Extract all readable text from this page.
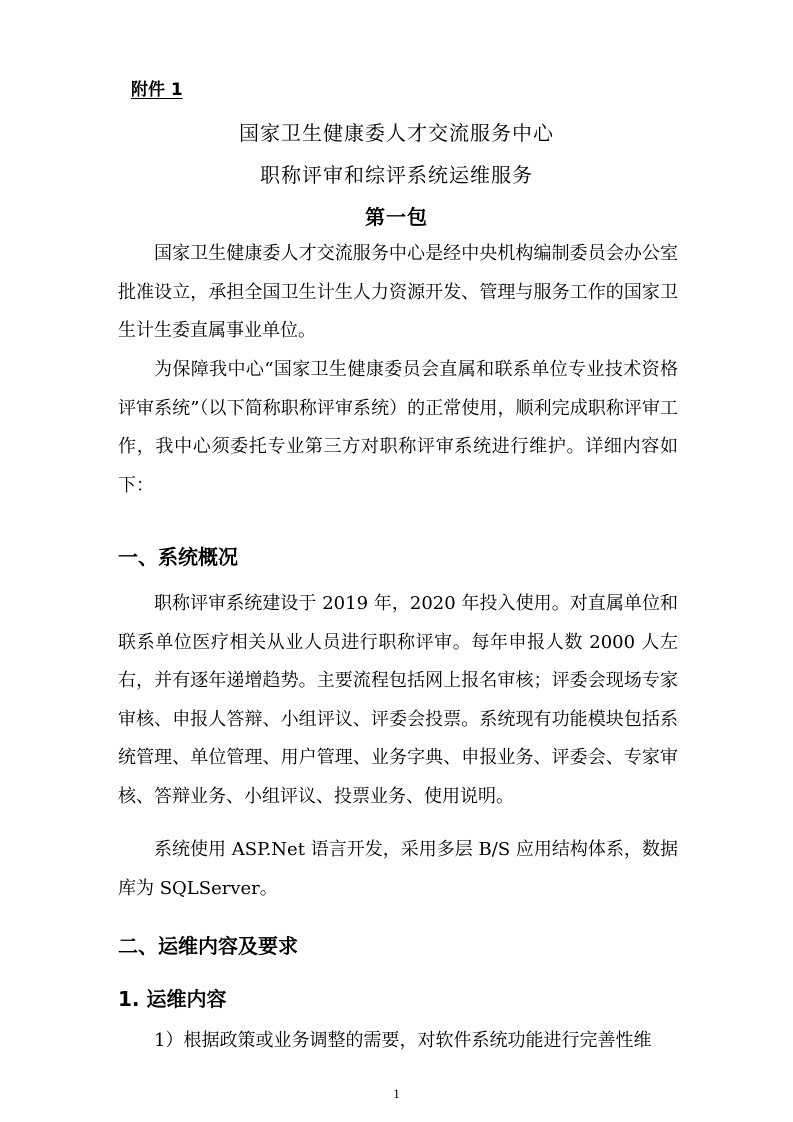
附件 1
国家卫生健康委人才交流服务中心
职称评审和综评系统运维服务
第一包

国家卫生健康委人才交流服务中心是经中央机构编制委员会办公室批准设立，承担全国卫生计生人力资源开发、管理与服务工作的国家卫生计生委直属事业单位。

为保障我中心“国家卫生健康委员会直属和联系单位专业技术资格评审系统”（以下简称职称评审系统）的正常使用，顺利完成职称评审工作，我中心须委托专业第三方对职称评审系统进行维护。详细内容如下：

一、系统概况

职称评审系统建设于 2019 年，2020 年投入使用。对直属单位和联系单位医疗相关从业人员进行职称评审。每年申报人数 2000 人左右，并有逐年递增趋势。主要流程包括网上报名审核；评委会现场专家审核、申报人答辩、小组评议、评委会投票。系统现有功能模块包括系统管理、单位管理、用户管理、业务字典、申报业务、评委会、专家审核、答辩业务、小组评议、投票业务、使用说明。

系统使用 ASP.Net 语言开发，采用多层 B/S 应用结构体系，数据库为 SQLServer。

二、运维内容及要求
1. 运维内容

1）根据政策或业务调整的需要，对软件系统功能进行完善性维

1
